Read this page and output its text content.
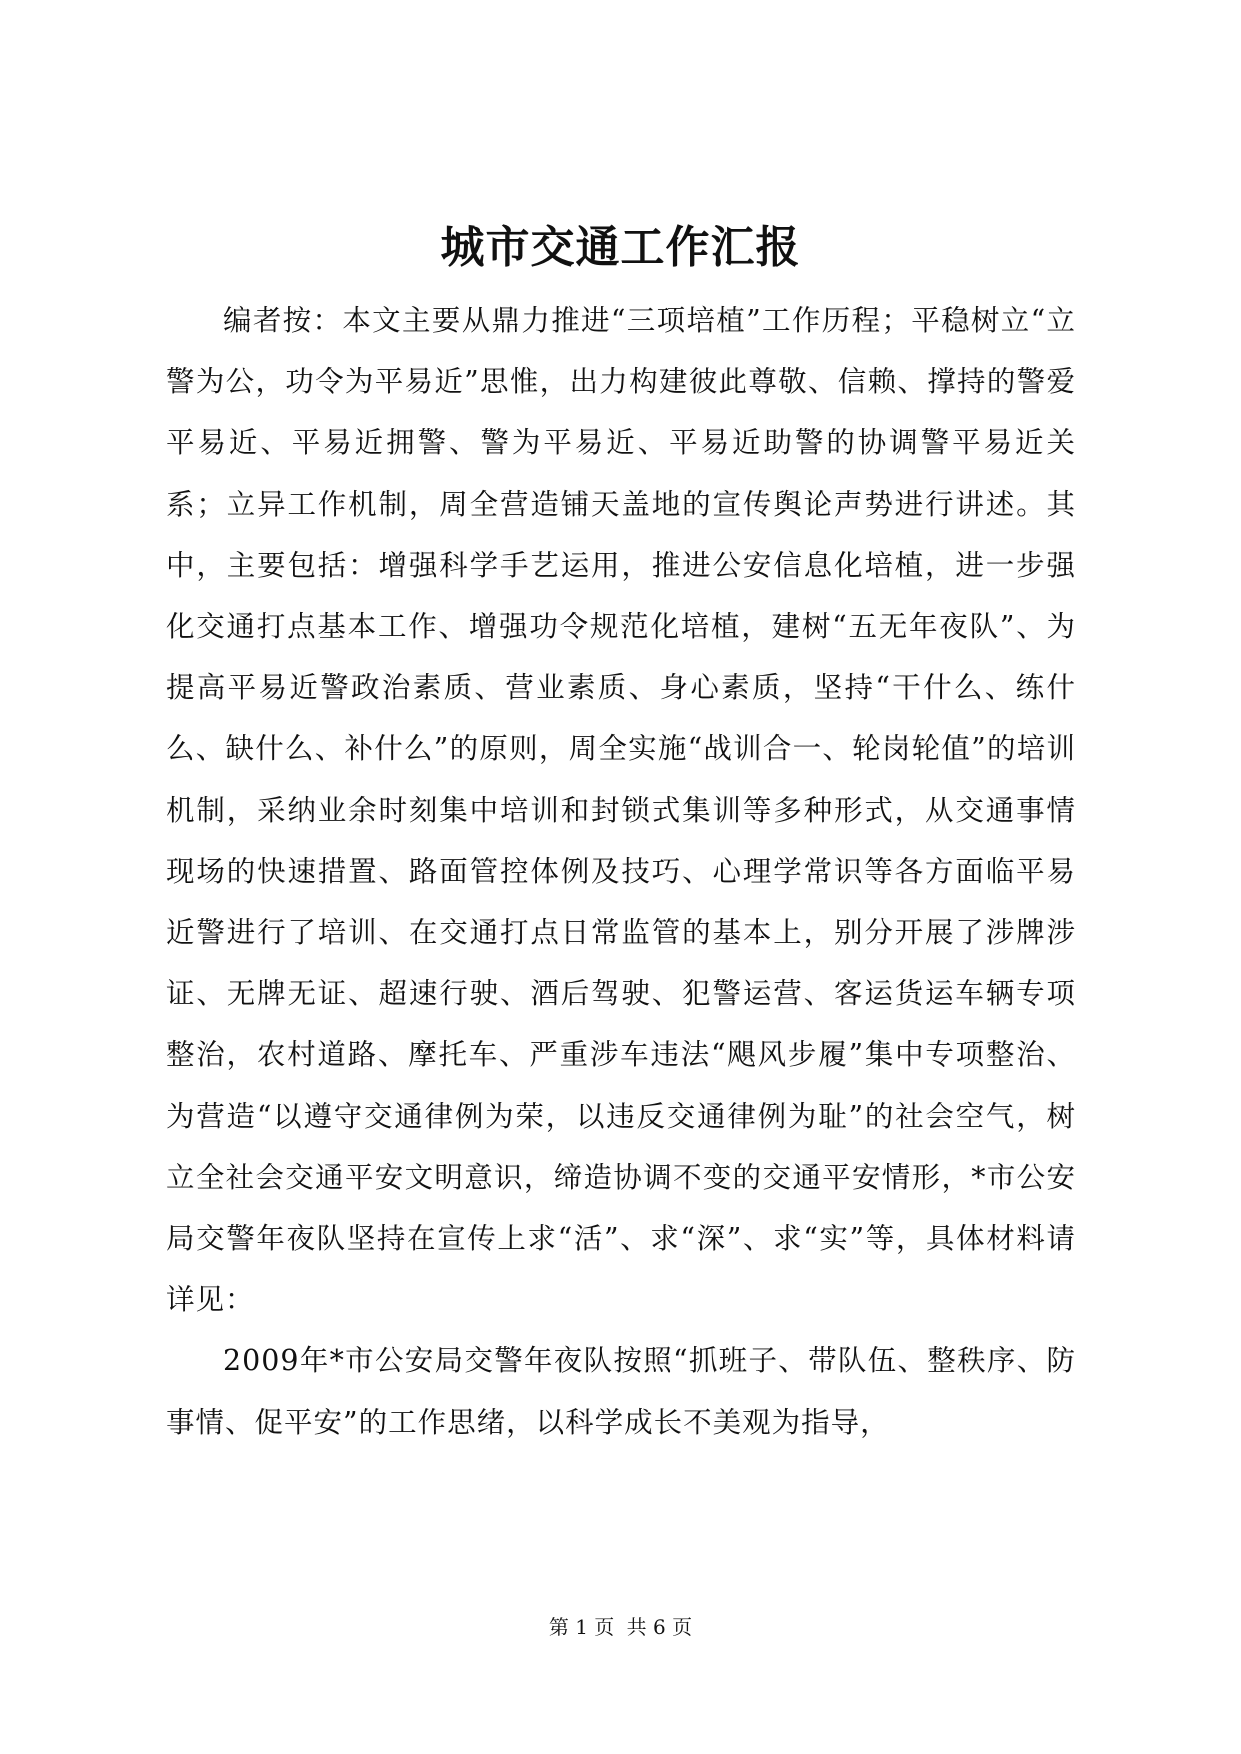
城市交通工作汇报

编者按：本文主要从鼎力推进“三项培植”工作历程；平稳树立“立警为公，功令为平易近”思惟，出力构建彼此尊敬、信赖、撑持的警爱平易近、平易近拥警、警为平易近、平易近助警的协调警平易近关系；立异工作机制，周全营造铺天盖地的宣传舆论声势进行讲述。其中，主要包括：增强科学手艺运用，推进公安信息化培植，进一步强化交通打点基本工作、增强功令规范化培植，建树“五无年夜队”、为提高平易近警政治素质、营业素质、身心素质，坚持“干什么、练什么、缺什么、补什么”的原则，周全实施“战训合一、轮岗轮值”的培训机制，采纳业余时刻集中培训和封锁式集训等多种形式，从交通事情现场的快速措置、路面管控体例及技巧、心理学常识等各方面临平易近警进行了培训、在交通打点日常监管的基本上，别分开展了涉牌涉证、无牌无证、超速行驶、酒后驾驶、犯警运营、客运货运车辆专项整治，农村道路、摩托车、严重涉车违法“飓风步履”集中专项整治、为营造“以遵守交通律例为荣，以违反交通律例为耻”的社会空气，树立全社会交通平安文明意识，缔造协调不变的交通平安情形，*市公安局交警年夜队坚持在宣传上求“活”、求“深”、求“实”等，具体材料请详见：

2009年*市公安局交警年夜队按照“抓班子、带队伍、整秩序、防事情、促平安”的工作思绪，以科学成长不美观为指导，

第 1 页 共 6 页
